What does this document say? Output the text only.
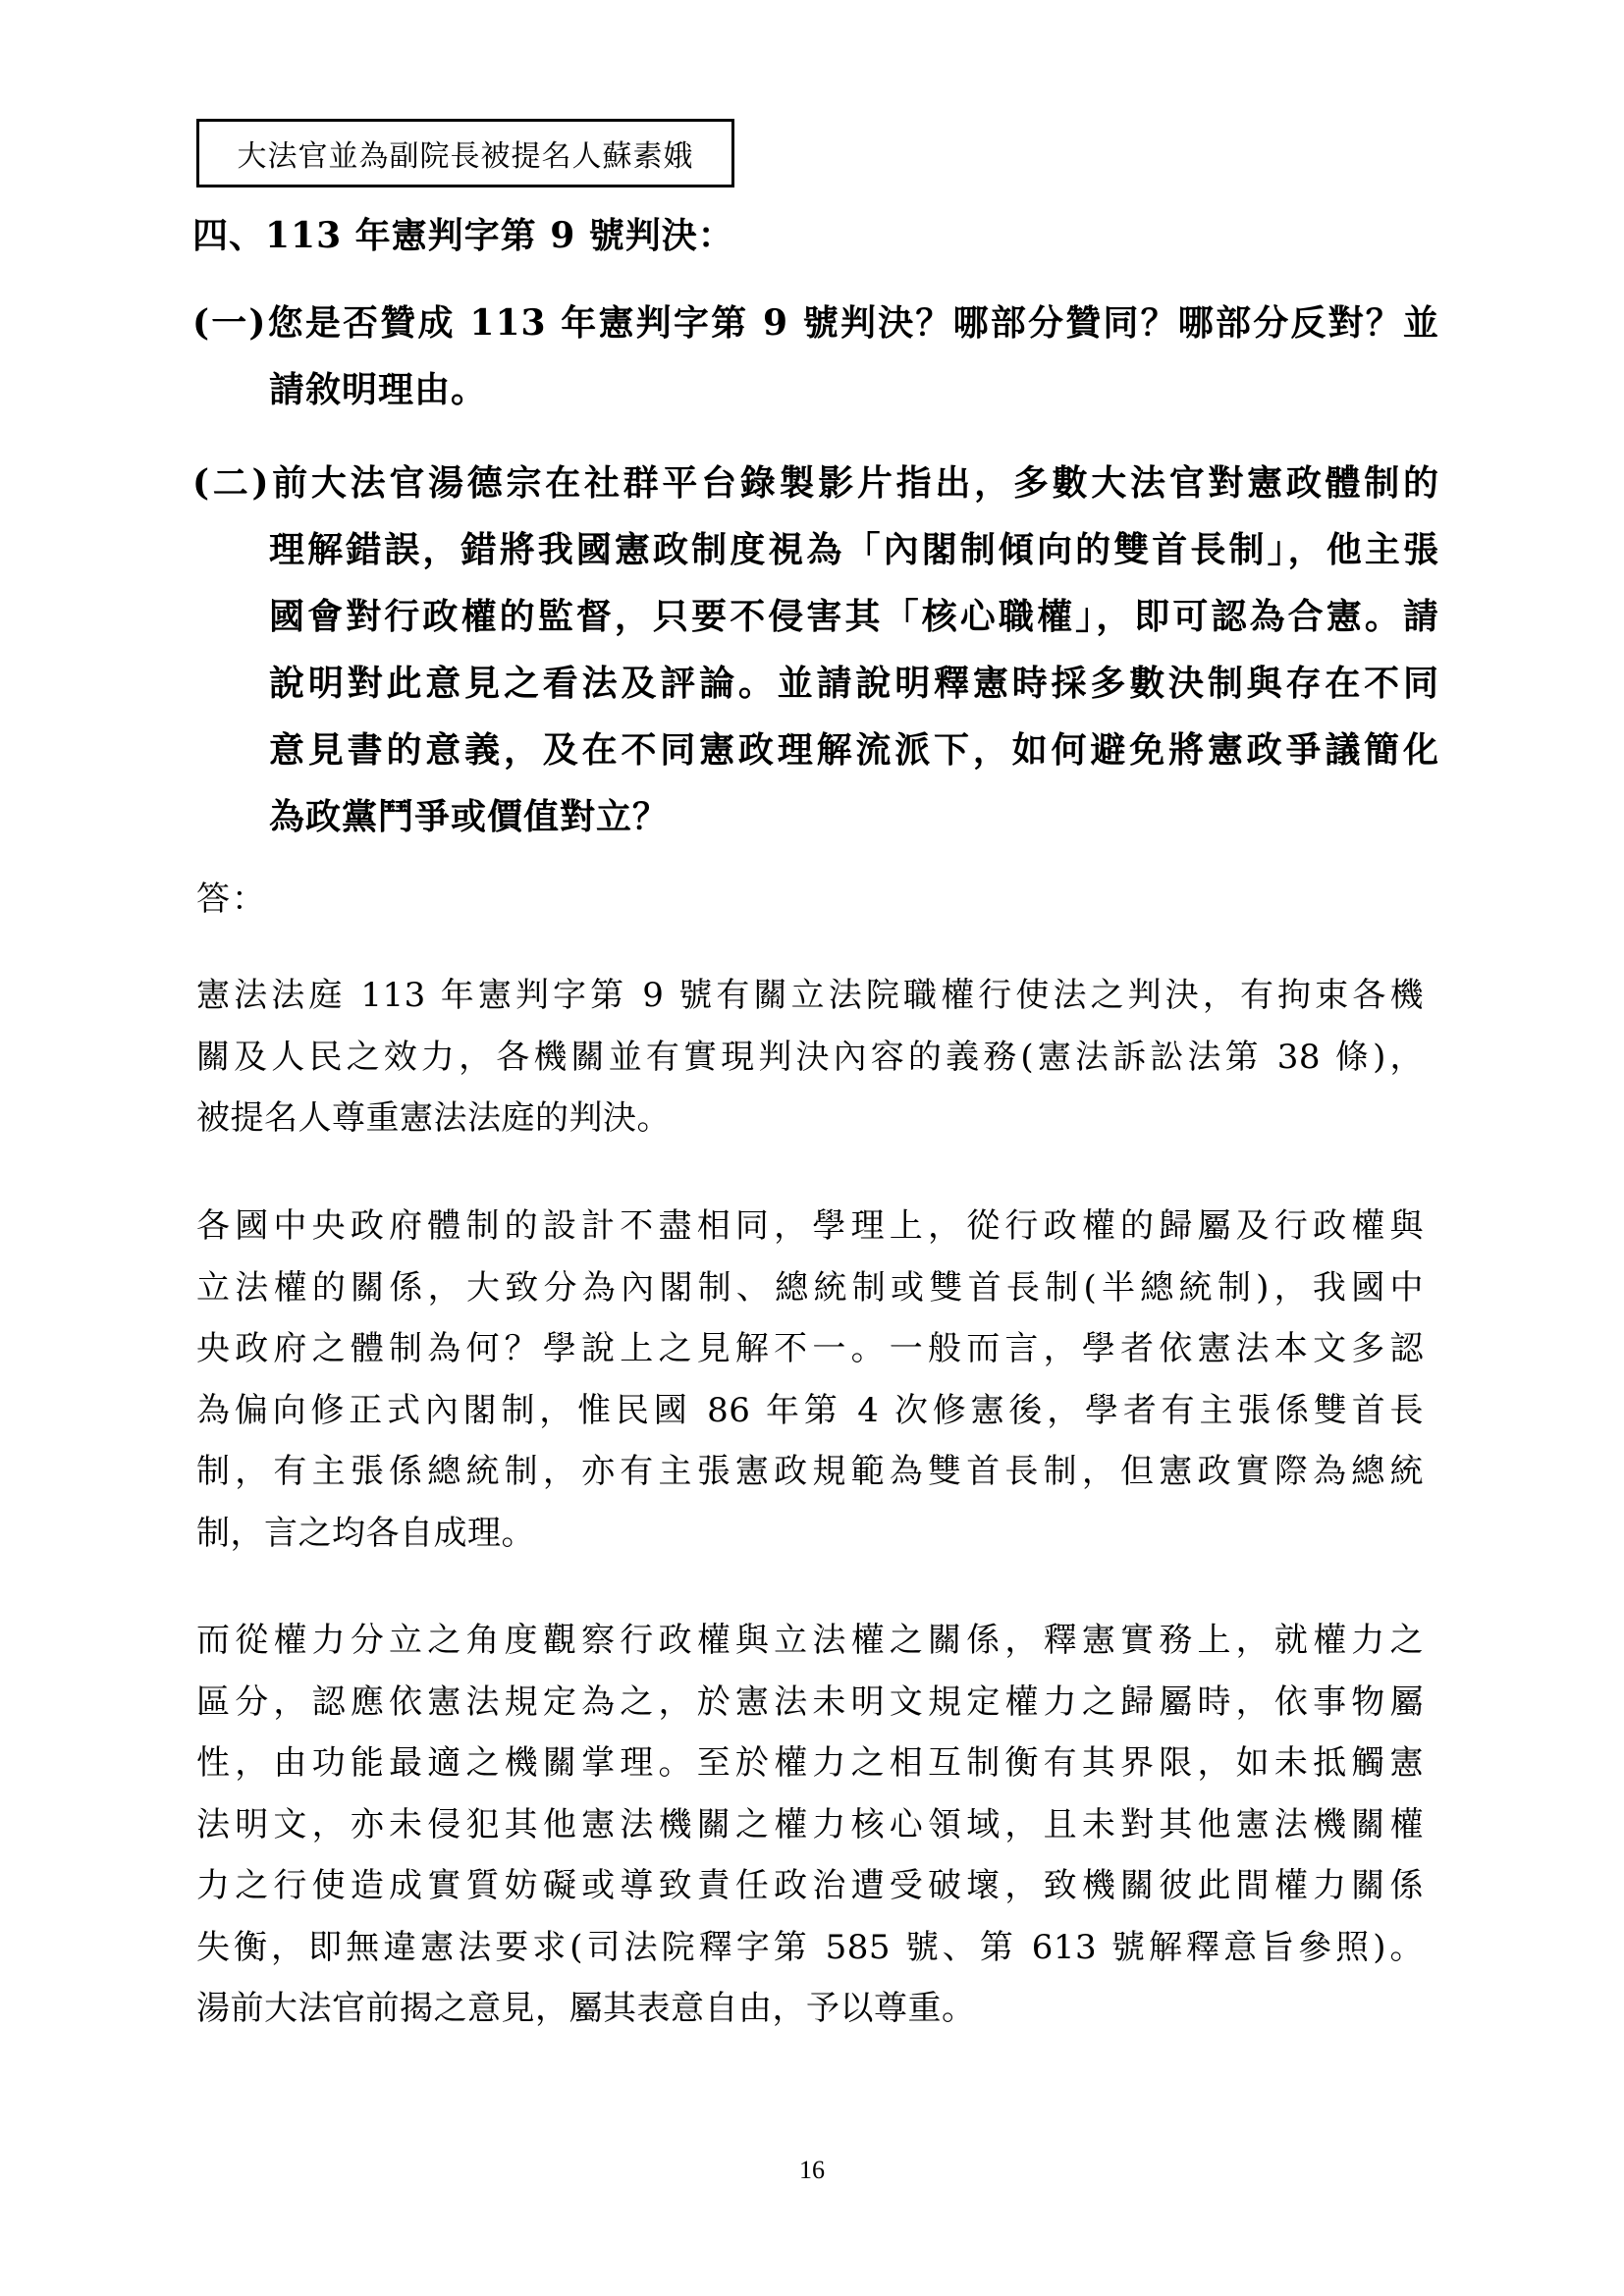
大法官並為副院長被提名人蘇素娥
四、113 年憲判字第 9 號判決：
(一)您是否贊成 113 年憲判字第 9 號判決？哪部分贊同？哪部分反對？並
請敘明理由。
(二)前大法官湯德宗在社群平台錄製影片指出，多數大法官對憲政體制的
理解錯誤，錯將我國憲政制度視為「內閣制傾向的雙首長制」，他主張
國會對行政權的監督，只要不侵害其「核心職權」，即可認為合憲。請
說明對此意見之看法及評論。並請說明釋憲時採多數決制與存在不同
意見書的意義，及在不同憲政理解流派下，如何避免將憲政爭議簡化
為政黨鬥爭或價值對立？
答：
憲法法庭 113 年憲判字第 9 號有關立法院職權行使法之判決，有拘束各機
關及人民之效力，各機關並有實現判決內容的義務(憲法訴訟法第 38 條)，
被提名人尊重憲法法庭的判決。
各國中央政府體制的設計不盡相同，學理上，從行政權的歸屬及行政權與
立法權的關係，大致分為內閣制、總統制或雙首長制(半總統制)，我國中
央政府之體制為何？學說上之見解不一。一般而言，學者依憲法本文多認
為偏向修正式內閣制，惟民國 86 年第 4 次修憲後，學者有主張係雙首長
制，有主張係總統制，亦有主張憲政規範為雙首長制，但憲政實際為總統
制，言之均各自成理。
而從權力分立之角度觀察行政權與立法權之關係，釋憲實務上，就權力之
區分，認應依憲法規定為之，於憲法未明文規定權力之歸屬時，依事物屬
性，由功能最適之機關掌理。至於權力之相互制衡有其界限，如未抵觸憲
法明文，亦未侵犯其他憲法機關之權力核心領域，且未對其他憲法機關權
力之行使造成實質妨礙或導致責任政治遭受破壞，致機關彼此間權力關係
失衡，即無違憲法要求(司法院釋字第 585 號、第 613 號解釋意旨參照)。
湯前大法官前揭之意見，屬其表意自由，予以尊重。
16
